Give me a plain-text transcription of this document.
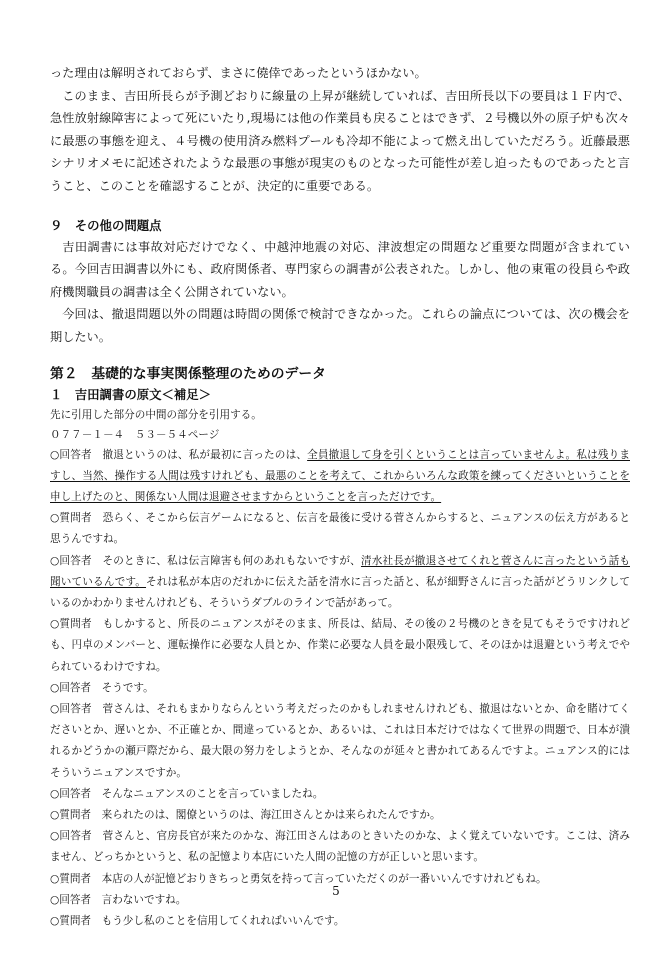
った理由は解明されておらず、まさに僥倖であったというほかない。

このまま、吉田所長らが予測どおりに線量の上昇が継続していれば、吉田所長以下の要員は１Ｆ内で、急性放射線障害によって死にいたり,現場には他の作業員も戻ることはできず、２号機以外の原子炉も次々に最悪の事態を迎え、４号機の使用済み燃料プールも冷却不能によって燃え出していただろう。近藤最悪シナリオメモに記述されたような最悪の事態が現実のものとなった可能性が差し迫ったものであったと言うこと、このことを確認することが、決定的に重要である。

９　その他の問題点

吉田調書には事故対応だけでなく、中越沖地震の対応、津波想定の問題など重要な問題が含まれている。今回吉田調書以外にも、政府関係者、専門家らの調書が公表された。しかし、他の東電の役員らや政府機関職員の調書は全く公開されていない。

今回は、撤退問題以外の問題は時間の関係で検討できなかった。これらの論点については、次の機会を期したい。

第２　基礎的な事実関係整理のためのデータ

１　吉田調書の原文＜補足＞

先に引用した部分の中間の部分を引用する。

０７７－１－４　５３－５４ページ

○回答者　撤退というのは、私が最初に言ったのは、全員撤退して身を引くということは言っていませんよ。私は残りますし、当然、操作する人間は残すけれども、最悪のことを考えて、これからいろんな政策を練ってくださいということを申し上げたのと、関係ない人間は退避させますからということを言っただけです。

○質問者　恐らく、そこから伝言ゲームになると、伝言を最後に受ける菅さんからすると、ニュアンスの伝え方があると思うんですね。

○回答者　そのときに、私は伝言障害も何のあれもないですが、清水社長が撤退させてくれと菅さんに言ったという話も聞いているんです。それは私が本店のだれかに伝えた話を清水に言った話と、私が細野さんに言った話がどうリンクしているのかわかりませんけれども、そういうダブルのラインで話があって。

○質問者　もしかすると、所長のニュアンスがそのまま、所長は、結局、その後の２号機のときを見てもそうですけれども、円卓のメンバーと、運転操作に必要な人員とか、作業に必要な人員を最小限残して、そのほかは退避という考えでやられているわけですね。

○回答者　そうです。

○回答者　菅さんは、それもまかりならんという考えだったのかもしれませんけれども、撤退はないとか、命を賭けてくださいとか、遅いとか、不正確とか、間違っているとか、あるいは、これは日本だけではなくて世界の問題で、日本が潰れるかどうかの瀬戸際だから、最大限の努力をしようとか、そんなのが延々と書かれてあるんですよ。ニュアンス的にはそういうニュアンスですか。

○回答者　そんなニュアンスのことを言っていましたね。

○質問者　来られたのは、閣僚というのは、海江田さんとかは来られたんですか。

○回答者　菅さんと、官房長官が来たのかな、海江田さんはあのときいたのかな、よく覚えていないです。ここは、済みません、どっちかというと、私の記憶より本店にいた人間の記憶の方が正しいと思います。

○質問者　本店の人が記憶どおりきちっと勇気を持って言っていただくのが一番いいんですけれどもね。

○回答者　言わないですね。

○質問者　もう少し私のことを信用してくれればいいんです。

5
